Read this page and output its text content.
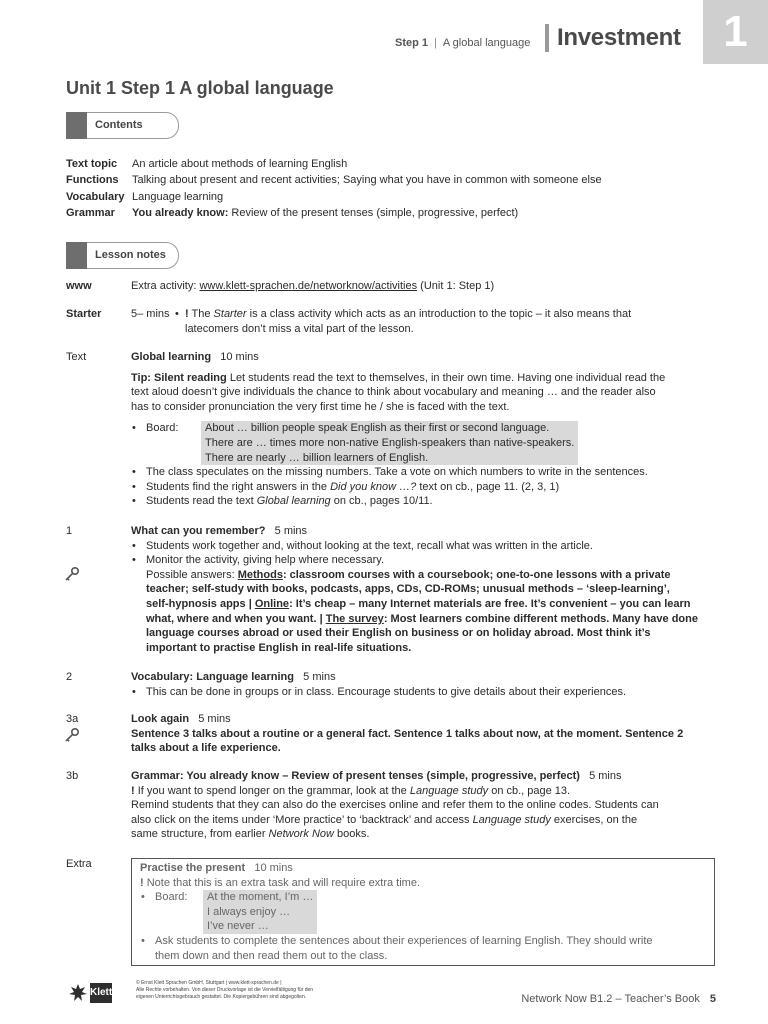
Step 1 | A global language Investment 1
Unit 1 Step 1 A global language
Contents
Text topic An article about methods of learning English
Functions Talking about present and recent activities; Saying what you have in common with someone else
Vocabulary Language learning
Grammar You already know: Review of the present tenses (simple, progressive, perfect)
Lesson notes
www	Extra activity: www.klett-sprachen.de/networknow/activities (Unit 1: Step 1)
Starter	5– mins • ! The Starter is a class activity which acts as an introduction to the topic – it also means that
latecomers don’t miss a vital part of the lesson.
Text	Global learning 10 mins

Tip: Silent reading Let students read the text to themselves, in their own time. Having one individual read the

text aloud doesn’t give individuals the chance to think about vocabulary and meaning … and the reader also

has to consider pronunciation the very first time he / she is faced with the text.

• Board:	About … billion people speak English as their first or second language.
There are … times more non-native English-speakers than native-speakers.
There are nearly … billion learners of English.
• The class speculates on the missing numbers. Take a vote on which numbers to write in the sentences.
• Students find the right answers in the Did you know …? text on cb., page 11. (2, 3, 1)
• Students read the text Global learning on cb., pages 10/11.
1	What can you remember? 5 mins

• Students work together and, without looking at the text, recall what was written in the article.
• Monitor the activity, giving help where necessary.
Possible answers: Methods: classroom courses with a coursebook; one-to-one lessons with a private
teacher; self-study with books, podcasts, apps, CDs, CD-ROMs; unusual methods – ‘sleep-learning’,
self-hypnosis apps | Online: It’s cheap – many Internet materials are free. It’s convenient – you can learn
what, where and when you want. | The survey: Most learners combine different methods. Many have done
language courses abroad or used their English on business or on holiday abroad. Most think it’s
important to practise English in real-life situations.
2	Vocabulary: Language learning 5 mins

• This can be done in groups or in class. Encourage students to give details about their experiences.
3a	Look again 5 mins

Sentence 3 talks about a routine or a general fact. Sentence 1 talks about now, at the moment. Sentence 2

talks about a life experience.

3b	Grammar: You already know – Review of present tenses (simple, progressive, perfect) 5 mins

! If you want to spend longer on the grammar, look at the Language study on cb., page 13.

Remind students that they can also do the exercises online and refer them to the online codes. Students can

also click on the items under ‘More practice’ to ‘backtrack’ and access Language study exercises, on the

same structure, from earlier Network Now books.

Extra	Practise the present 10 mins

! Note that this is an extra task and will require extra time.

• Board:	At the moment, I’m …
I always enjoy …
I’ve never …
• Ask students to complete the sentences about their experiences of learning English. They should write
them down and then read them out to the class.
Klett
© Ernst Klett Sprachen GmbH, Stuttgart | www.klett-sprachen.de |
Alle Rechte vorbehalten. Von dieser Druckvorlage ist die Vervielfältigung für den
eigenen Unterrichtsgebrauch gestattet. Die Kopiergebühren sind abgegolten.	Network Now B1.2 – Teacher’s Book 5
